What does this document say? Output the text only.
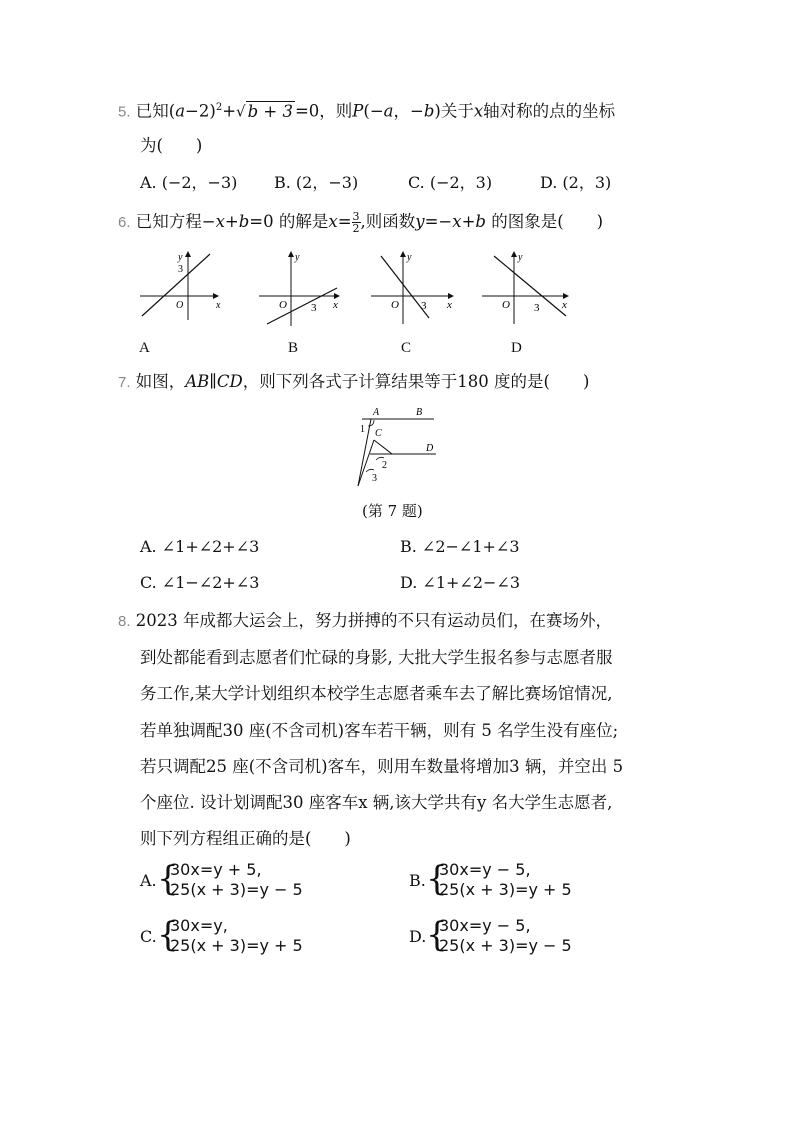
5. 已知$(a-2)^2+√$ b + 3 =0，则P(−a，−b)关于x轴对称的点的坐标
为(　　)
A. (−2，−3) B. (2，−3)	C. (−2，3)	D. (2，3)
6. 已知方程−x+b=0 的解是$x= \frac{3}{2}$ ,则函数y=−x+b 的图象是(　　)
x
y
3
O	x
y
O 3	x
y
O 3	x
y
O 3
A	B	C	D
7. 如图，AB∥CD，则下列各式子计算结果等于180 度的是(　　)
A	B
C
D
1
2
3
(第 7 题)
A. ∠1+∠2+∠3	B. ∠2−∠1+∠3
C. ∠1−∠2+∠3	D. ∠1+∠2−∠3
8. 2023 年成都大运会上，努力拼搏的不只有运动员们，在赛场外，
到处都能看到志愿者们忙碌的身影, 大批大学生报名参与志愿者服
务工作,某大学计划组织本校学生志愿者乘车去了解比赛场馆情况,
若单独调配30 座(不含司机)客车若干辆，则有 5 名学生没有座位;
若只调配25 座(不含司机)客车，则用车数量将增加3 辆，并空出 5
个座位. 设计划调配30 座客车x 辆,该大学共有y 名大学生志愿者,
则下列方程组正确的是(　　)
A. {
30x=y + 5,
25(x + 3)=y − 5	B. {
30x=y − 5,
25(x + 3)=y + 5
C. {
30x=y,
25(x + 3)=y + 5	D. {
30x=y − 5,
25(x + 3)=y − 5
